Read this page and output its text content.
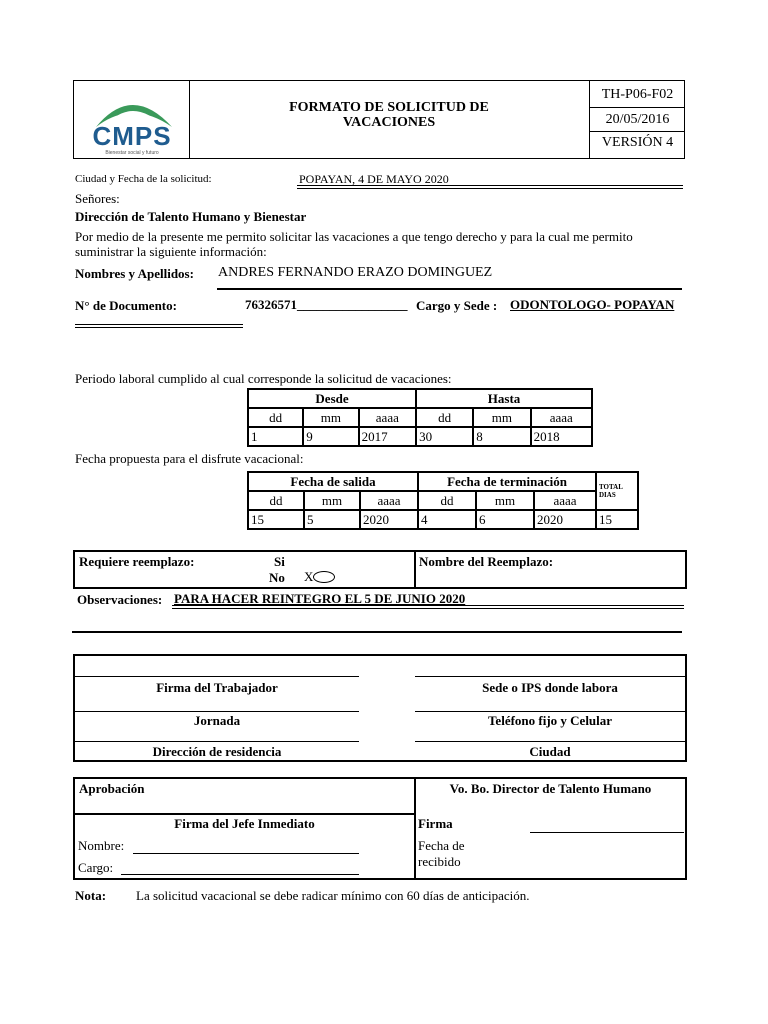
CMPS
Bienestar social y futuro
FORMATO DE SOLICITUD DE
VACACIONES
TH-P06-F02
20/05/2016
VERSIÓN 4
Ciudad y Fecha de la solicitud:	POPAYAN, 4 DE MAYO 2020
Señores:
Dirección de Talento Humano y Bienestar
Por medio de la presente me permito solicitar las vacaciones a que tengo derecho y para la cual me permito
suministrar la siguiente información:
Nombres y Apellidos: ANDRES FERNANDO ERAZO DOMINGUEZ
N° de Documento:	76326571_________________ Cargo y Sede : ODONTOLOGO- POPAYAN
Periodo laboral cumplido al cual corresponde la solicitud de vacaciones:
Desde			Hasta		
dd	mm	aaaa	dd	mm	aaaa
1	9	2017	30	8	2018
Fecha propuesta para el disfrute vacacional:
Fecha de salida			Fecha de terminación			TOTAL DIAS
dd	mm	aaaa	dd	mm	aaaa	
15	5	2020	4	6	2020	15
Requiere reemplazo:	Si
No X
Nombre del Reemplazo:
Observaciones: PARA HACER REINTEGRO EL 5 DE JUNIO 2020
Firma del Trabajador	Sede o IPS donde labora
Jornada	Teléfono fijo y Celular
Dirección de residencia	Ciudad
Aprobación	Vo. Bo. Director de Talento Humano
Firma del Jefe Inmediato	Firma
Nombre:
Cargo:
Fecha de
recibido
Nota: La solicitud vacacional se debe radicar mínimo con 60 días de anticipación.
